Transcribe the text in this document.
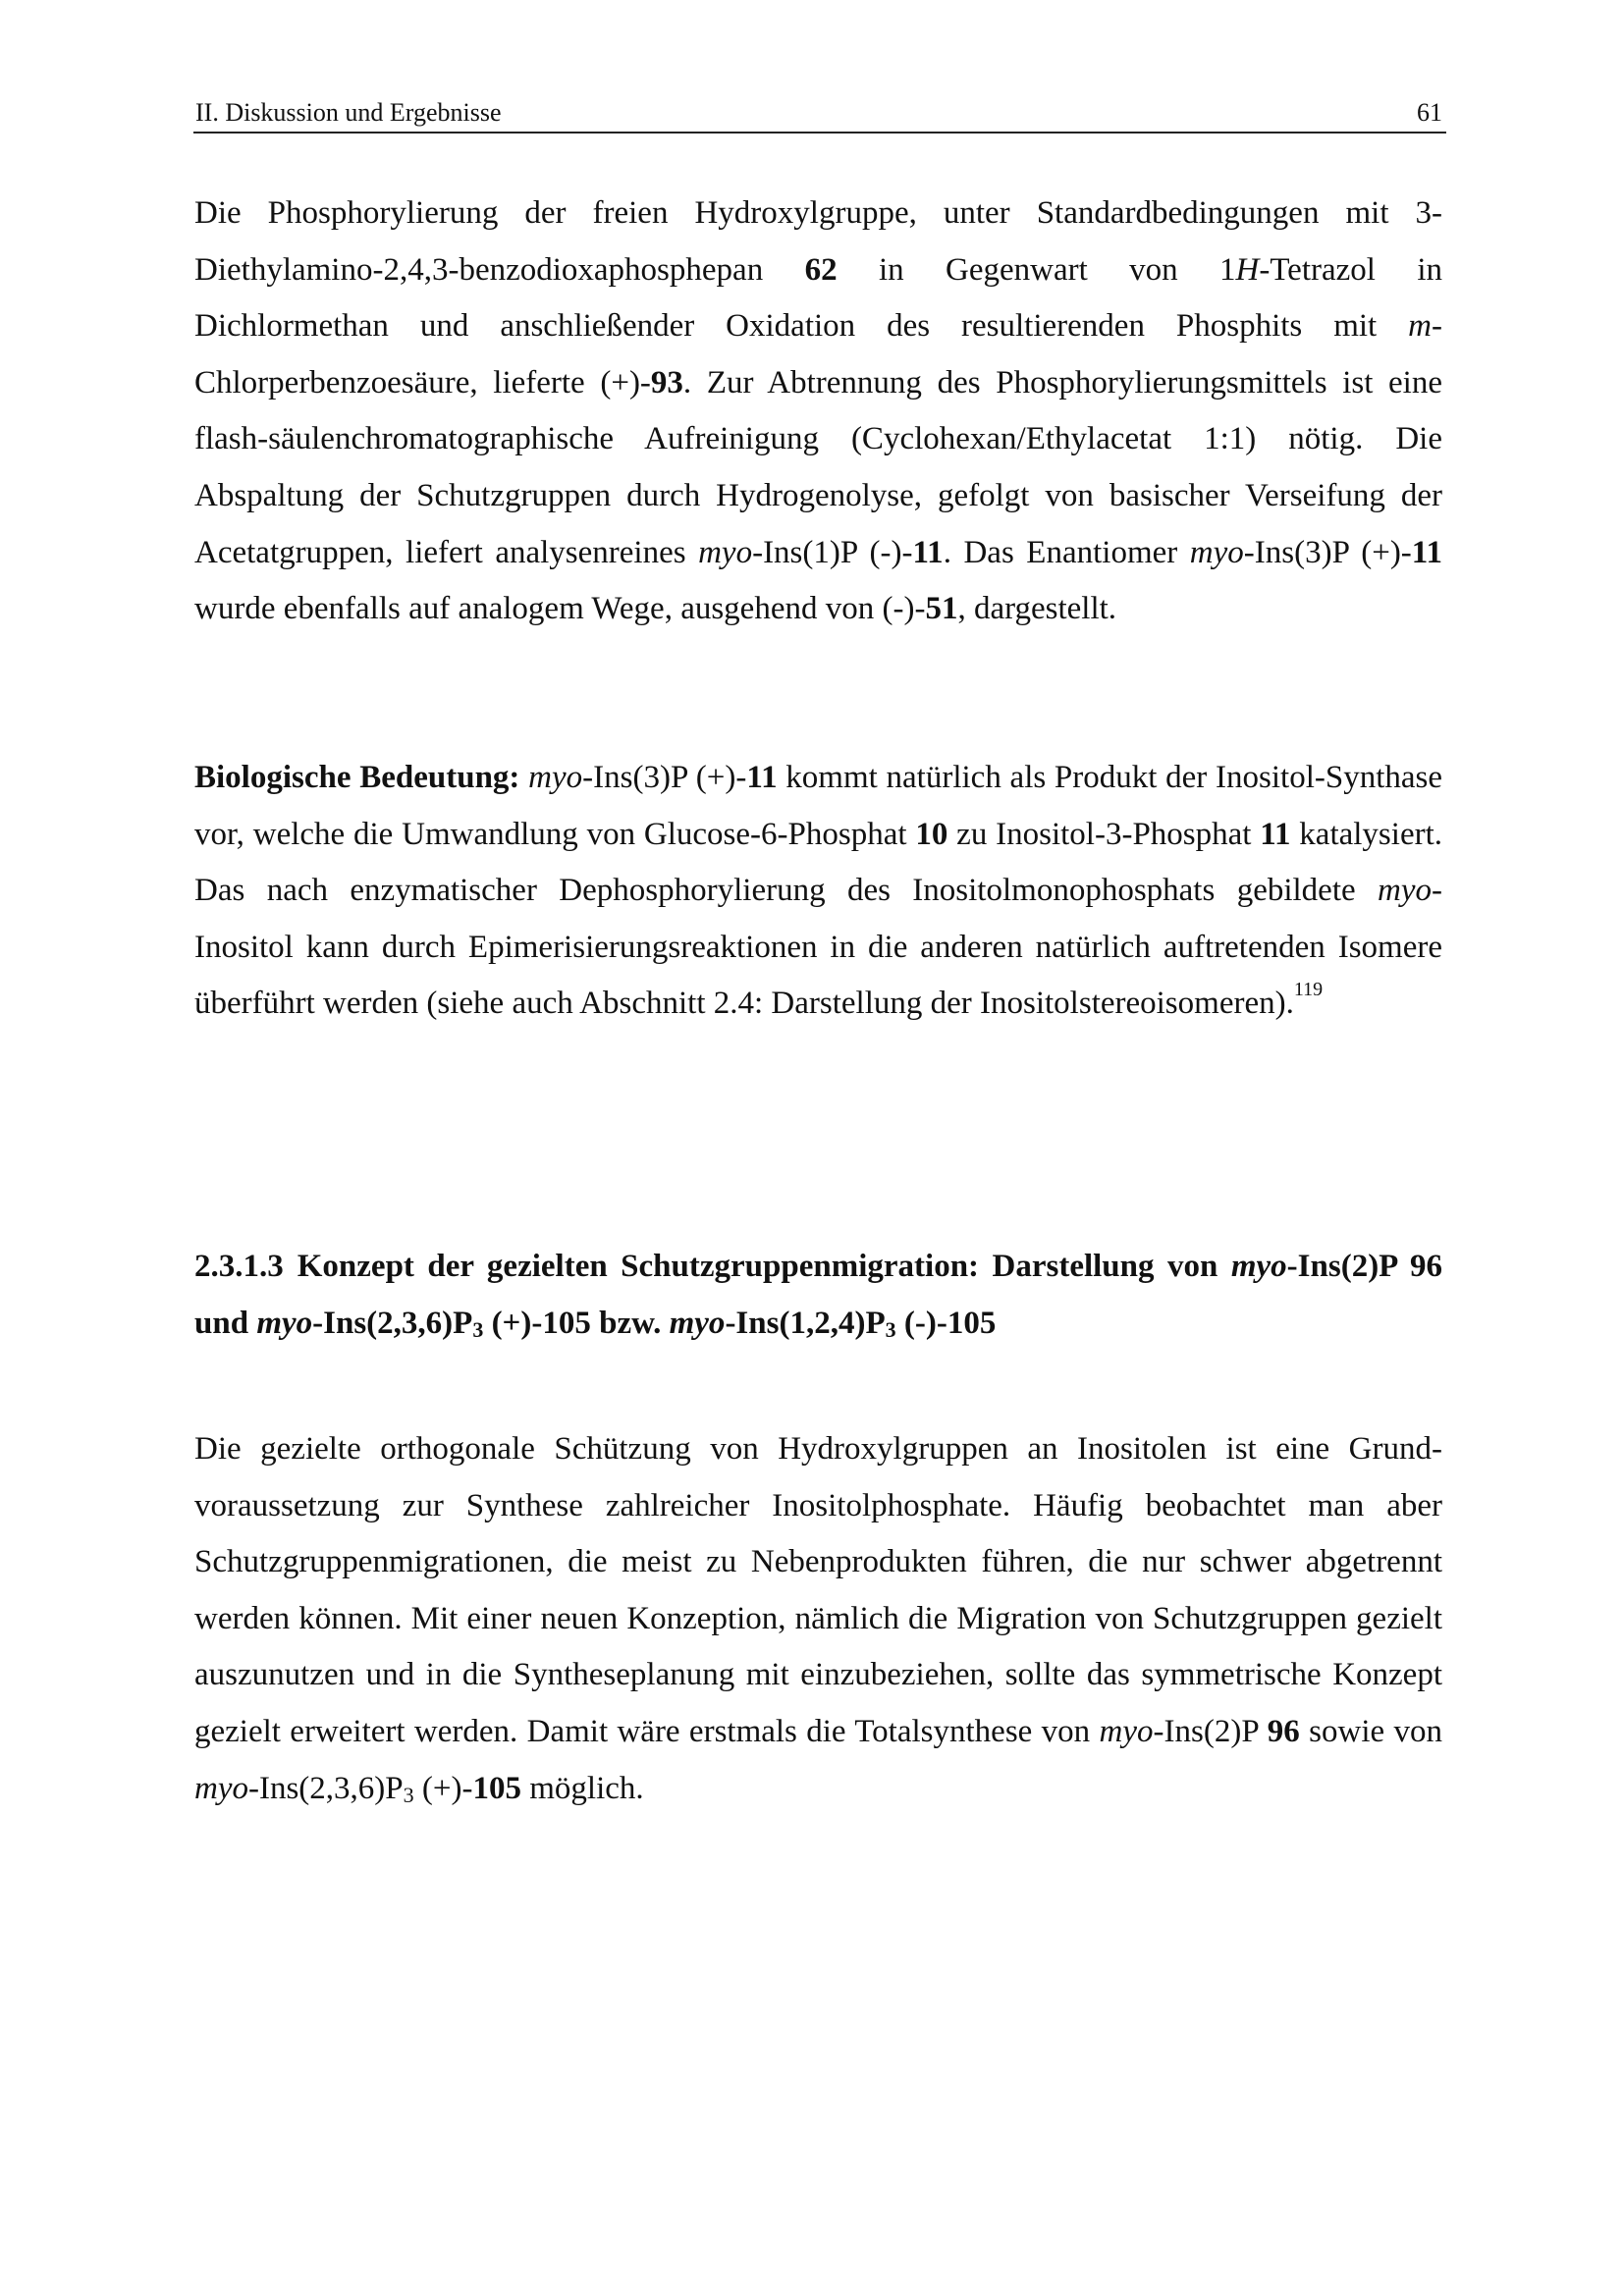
II. Diskussion und Ergebnisse	61

Die Phosphorylierung der freien Hydroxylgruppe, unter Standardbedingungen mit 3-Diethylamino-2,4,3-benzodioxaphosphepan 62 in Gegenwart von 1H-Tetrazol in Dichlormethan und anschließender Oxidation des resultierenden Phosphits mit m-Chlorperbenzoesäure, lieferte (+)-93. Zur Abtrennung des Phosphorylierungsmittels ist eine flash-säulenchromatographische Aufreinigung (Cyclohexan/Ethylacetat 1:1) nötig. Die Abspaltung der Schutzgruppen durch Hydrogenolyse, gefolgt von basischer Verseifung der Acetatgruppen, liefert analysenreines myo-Ins(1)P (-)-11. Das Enantiomer myo-Ins(3)P (+)-11 wurde ebenfalls auf analogem Wege, ausgehend von (-)-51, dargestellt.

Biologische Bedeutung: myo-Ins(3)P (+)-11 kommt natürlich als Produkt der Inositol-Synthase vor, welche die Umwandlung von Glucose-6-Phosphat 10 zu Inositol-3-Phosphat 11 katalysiert. Das nach enzymatischer Dephosphorylierung des Inositolmonophosphats gebildete myo-Inositol kann durch Epimerisierungsreaktionen in die anderen natürlich auftretenden Isomere überführt werden (siehe auch Abschnitt 2.4: Darstellung der Inositolstereoisomeren).$^{119}$

2.3.1.3 Konzept der gezielten Schutzgruppenmigration: Darstellung von myo-Ins(2)P 96 und myo-$Ins(2,3,6)P_3$ (+)-105 bzw. myo-$Ins(1,2,4)P_3$ (-)-105

Die gezielte orthogonale Schützung von Hydroxylgruppen an Inositolen ist eine Grund-voraussetzung zur Synthese zahlreicher Inositolphosphate. Häufig beobachtet man aber Schutzgruppenmigrationen, die meist zu Nebenprodukten führen, die nur schwer abgetrennt werden können. Mit einer neuen Konzeption, nämlich die Migration von Schutzgruppen gezielt auszunutzen und in die Syntheseplanung mit einzubeziehen, sollte das symmetrische Konzept gezielt erweitert werden. Damit wäre erstmals die Totalsynthese von myo-Ins(2)P 96 sowie von myo-$Ins(2,3,6)P_3$ (+)-105 möglich.
